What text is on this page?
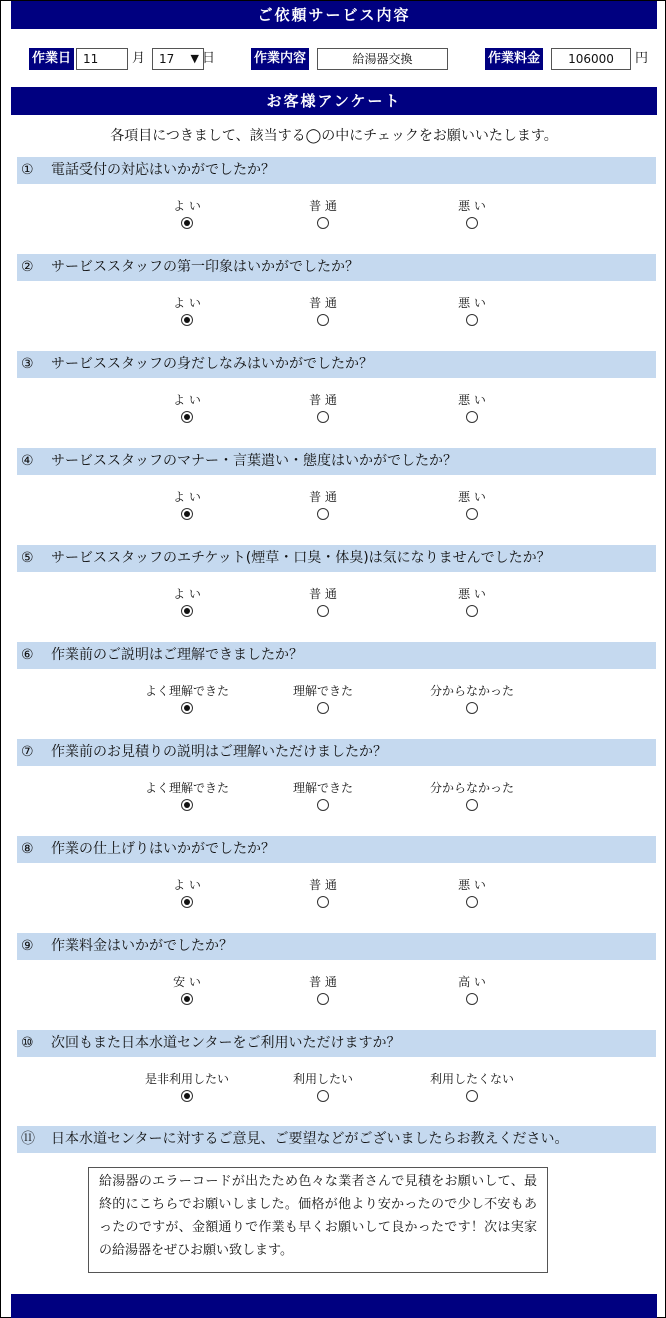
ご依頼サービス内容
作業日 11	月	17 ▼ 日	作業内容	給湯器交換	作業料金	106000	円
お客様アンケート
各項目につきまして、該当する◯の中にチェックをお願いいたします。
① 電話受付の対応はいかがでしたか？
よ い	普 通	悪 い
② サービススタッフの第一印象はいかがでしたか？
よ い	普 通	悪 い
③ サービススタッフの身だしなみはいかがでしたか？
よ い	普 通	悪 い
④ サービススタッフのマナー・言葉遣い・態度はいかがでしたか？
よ い	普 通	悪 い
⑤ サービススタッフのエチケット(煙草・口臭・体臭)は気になりませんでしたか？
よ い	普 通	悪 い
⑥ 作業前のご説明はご理解できましたか？
よく理解できた	理解できた	分からなかった
⑦ 作業前のお見積りの説明はご理解いただけましたか？
よく理解できた	理解できた	分からなかった
⑧ 作業の仕上げりはいかがでしたか？
よ い	普 通	悪 い
⑨ 作業料金はいかがでしたか？
安 い	普 通	高 い
⑩ 次回もまた日本水道センターをご利用いただけますか？
是非利用したい	利用したい	利用したくない
⑪ 日本水道センターに対するご意見、ご要望などがございましたらお教えください。
給湯器のエラーコードが出たため色々な業者さんで見積をお願いして、最終的にこちらでお願いしました。価格が他より安かったので少し不安もあったのですが、金額通りで作業も早くお願いして良かったです！次は実家の給湯器をぜひお願い致します。
